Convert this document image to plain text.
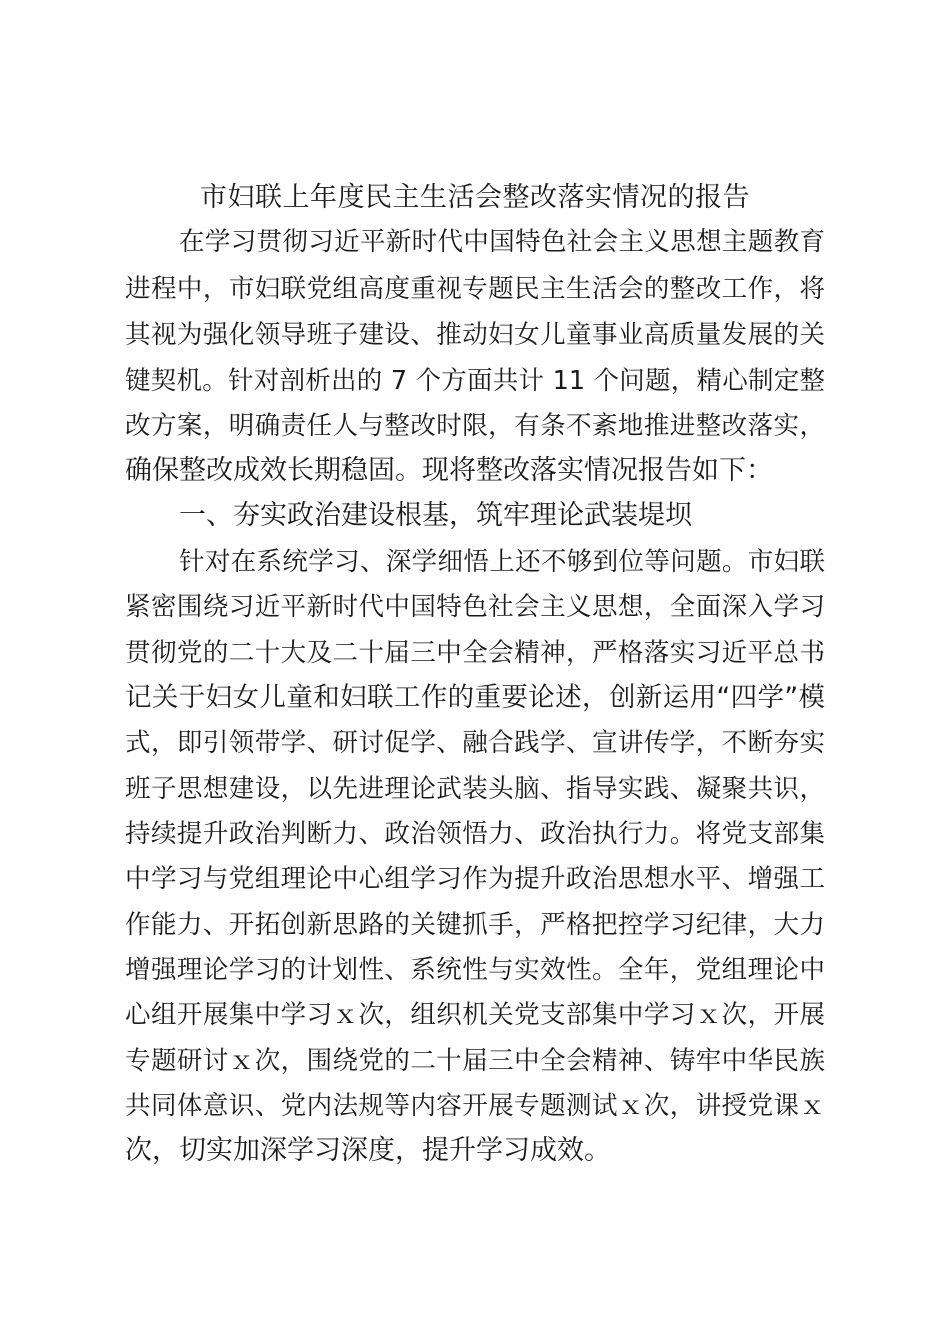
市妇联上年度民主生活会整改落实情况的报告

在学习贯彻习近平新时代中国特色社会主义思想主题教育

进程中，市妇联党组高度重视专题民主生活会的整改工作，将

其视为强化领导班子建设、推动妇女儿童事业高质量发展的关

键契机。针对剖析出的 7 个方面共计 11 个问题，精心制定整

改方案，明确责任人与整改时限，有条不紊地推进整改落实，

确保整改成效长期稳固。现将整改落实情况报告如下：

一、夯实政治建设根基，筑牢理论武装堤坝

针对在系统学习、深学细悟上还不够到位等问题。市妇联

紧密围绕习近平新时代中国特色社会主义思想，全面深入学习

贯彻党的二十大及二十届三中全会精神，严格落实习近平总书

记关于妇女儿童和妇联工作的重要论述，创新运用“四学”模

式，即引领带学、研讨促学、融合践学、宣讲传学，不断夯实

班子思想建设，以先进理论武装头脑、指导实践、凝聚共识，

持续提升政治判断力、政治领悟力、政治执行力。将党支部集

中学习与党组理论中心组学习作为提升政治思想水平、增强工

作能力、开拓创新思路的关键抓手，严格把控学习纪律，大力

增强理论学习的计划性、系统性与实效性。全年，党组理论中

心组开展集中学习ｘ次，组织机关党支部集中学习ｘ次，开展

专题研讨ｘ次，围绕党的二十届三中全会精神、铸牢中华民族

共同体意识、党内法规等内容开展专题测试ｘ次，讲授党课ｘ

次，切实加深学习深度，提升学习成效。
